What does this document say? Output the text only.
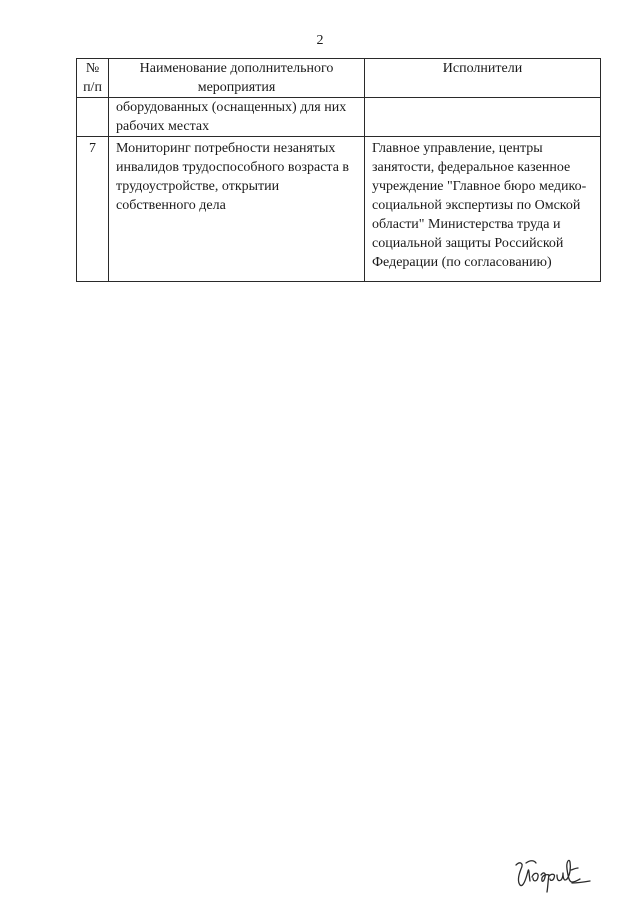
2
№ п/п	Наименование дополнительного мероприятия	Исполнители
	оборудованных (оснащенных) для них рабочих местах	
7	Мониторинг потребности незанятых инвалидов трудоспособного возраста в трудоустройстве, открытии собственного дела	Главное управление, центры занятости, федеральное казенное учреждение "Главное бюро медико-социальной экспертизы по Омской области" Министерства труда и социальной защиты Российской Федерации (по согласованию)
